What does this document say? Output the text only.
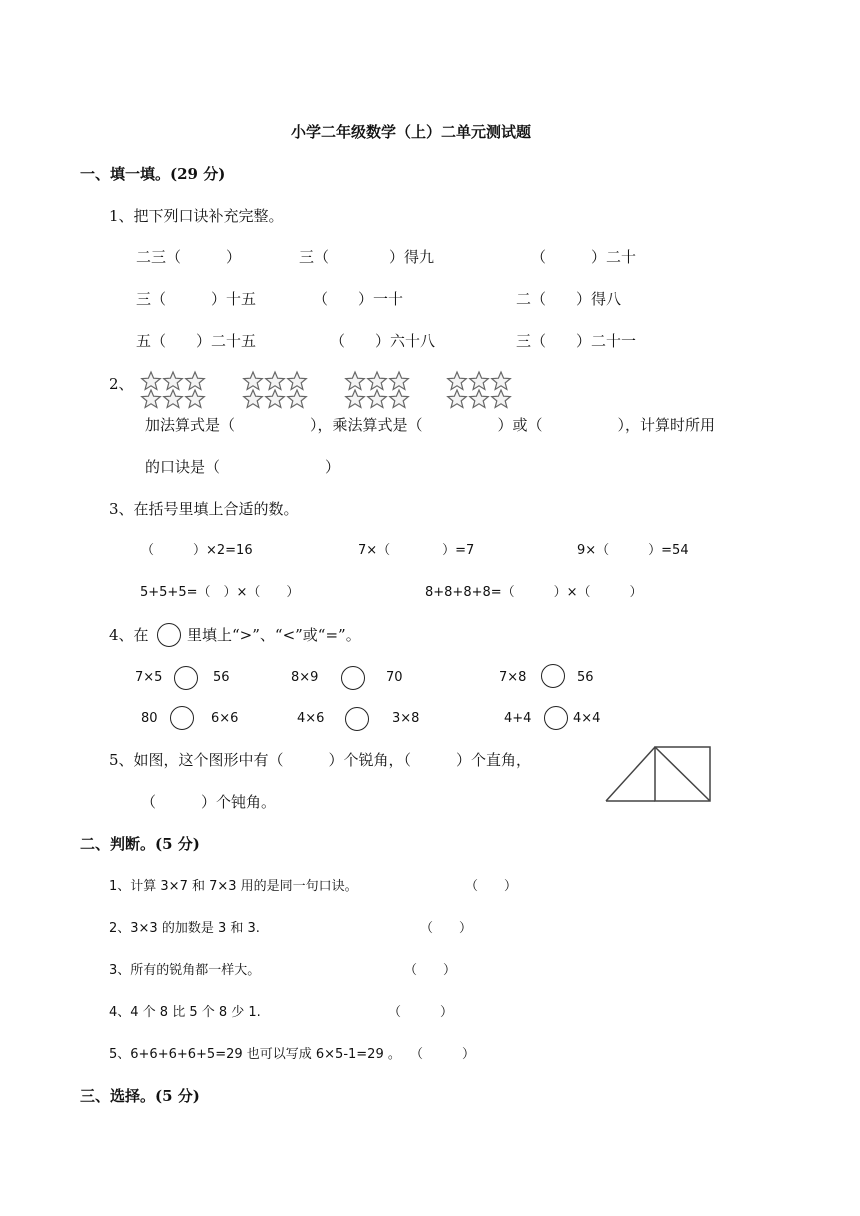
小学二年级数学（上）二单元测试题
一、填一填。(29 分)
1、把下列口诀补充完整。
二三（　　　）	三（　　　　）得九	（　　　）二十
三（　　　）十五	（　　）一十	二（　　）得八
五（　　）二十五	（　　）六十八	三（　　）二十一
2、
加法算式是（　　　　　），乘法算式是（　　　　　）或（　　　　　），计算时所用
的口诀是（　　　　　　　）
3、在括号里填上合适的数。
（　　　）×2=16	7×（　　　　）=7	9×（　　　）=54
5+5+5=（　）×（　　）	8+8+8+8=（　　　）×（　　　）
4、在	里填上“>”、“<”或“=”。
7×5	56	8×9	70	7×8	56
80	6×6	4×6	3×8	4+4	4×4
5、如图，这个图形中有（　　　）个锐角，（　　　）个直角，
（　　　）个钝角。
二、判断。(5 分)
1、计算 3×7 和 7×3 用的是同一句口诀。	（　　）
2、3×3 的加数是 3 和 3.	（　　）
3、所有的锐角都一样大。	（　　）
4、4 个 8 比 5 个 8 少 1.	（　　　）
5、6+6+6+6+5=29 也可以写成 6×5-1=29 。 （　　　）
三、选择。(5 分)
